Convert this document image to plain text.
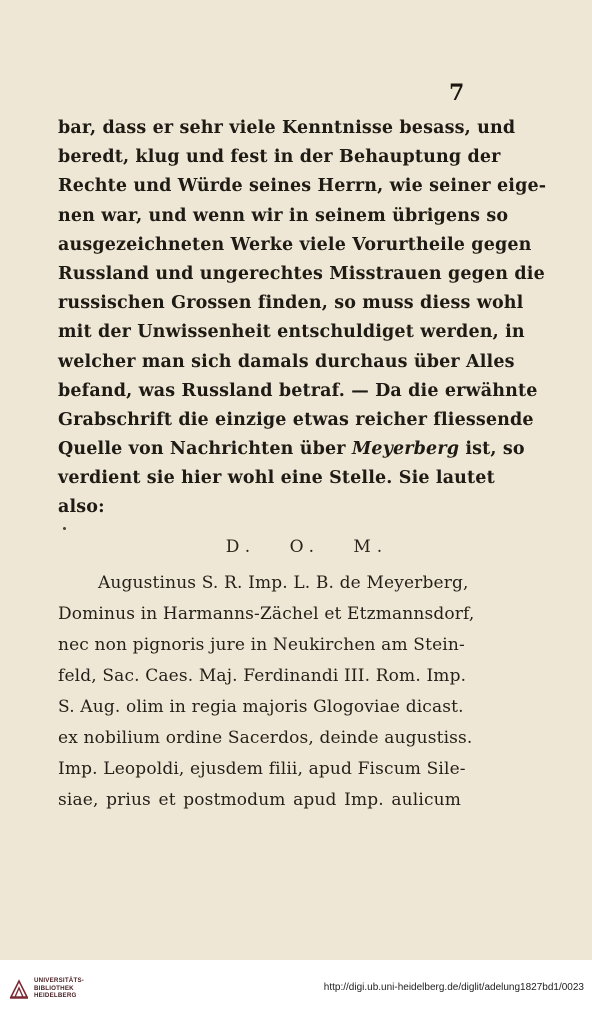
7
bar, dass er sehr viele Kenntnisse besass, und
beredt, klug und fest in der Behauptung der
Rechte und Würde seines Herrn, wie seiner eige-
nen war, und wenn wir in seinem übrigens so
ausgezeichneten Werke viele Vorurtheile gegen
Russland und ungerechtes Misstrauen gegen die
russischen Grossen finden, so muss diess wohl
mit der Unwissenheit entschuldiget werden, in
welcher man sich damals durchaus über Alles
befand, was Russland betraf. — Da die erwähnte
Grabschrift die einzige etwas reicher fliessende
Quelle von Nachrichten über Meyerberg ist, so
verdient sie hier wohl eine Stelle. Sie lautet
also:
D. O. M.
Augustinus S. R. Imp. L. B. de Meyerberg,
Dominus in Harmanns-Zächel et Etzmannsdorf,
nec non pignoris jure in Neukirchen am Stein-
feld, Sac. Caes. Maj. Ferdinandi III. Rom. Imp.
S. Aug. olim in regia majoris Glogoviae dicast.
ex nobilium ordine Sacerdos, deinde augustiss.
Imp. Leopoldi, ejusdem filii, apud Fiscum Sile-
siae, prius et postmodum apud Imp. aulicum
UNIVERSITÄTS-
BIBLIOTHEK
HEIDELBERG
http://digi.ub.uni-heidelberg.de/diglit/adelung1827bd1/0023
